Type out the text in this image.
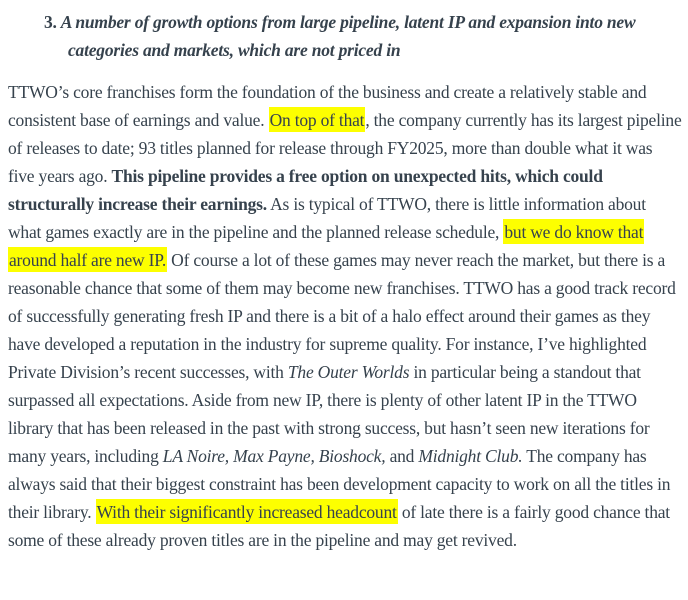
3. A number of growth options from large pipeline, latent IP and expansion into new categories and markets, which are not priced in

TTWO’s core franchises form the foundation of the business and create a relatively stable and consistent base of earnings and value. On top of that, the company currently has its largest pipeline of releases to date; 93 titles planned for release through FY2025, more than double what it was five years ago. This pipeline provides a free option on unexpected hits, which could structurally increase their earnings. As is typical of TTWO, there is little information about what games exactly are in the pipeline and the planned release schedule, but we do know that around half are new IP. Of course a lot of these games may never reach the market, but there is a reasonable chance that some of them may become new franchises. TTWO has a good track record of successfully generating fresh IP and there is a bit of a halo effect around their games as they have developed a reputation in the industry for supreme quality. For instance, I’ve highlighted Private Division’s recent successes, with The Outer Worlds in particular being a standout that surpassed all expectations. Aside from new IP, there is plenty of other latent IP in the TTWO library that has been released in the past with strong success, but hasn’t seen new iterations for many years, including LA Noire, Max Payne, Bioshock, and Midnight Club. The company has always said that their biggest constraint has been development capacity to work on all the titles in their library. With their significantly increased headcount of late there is a fairly good chance that some of these already proven titles are in the pipeline and may get revived.
